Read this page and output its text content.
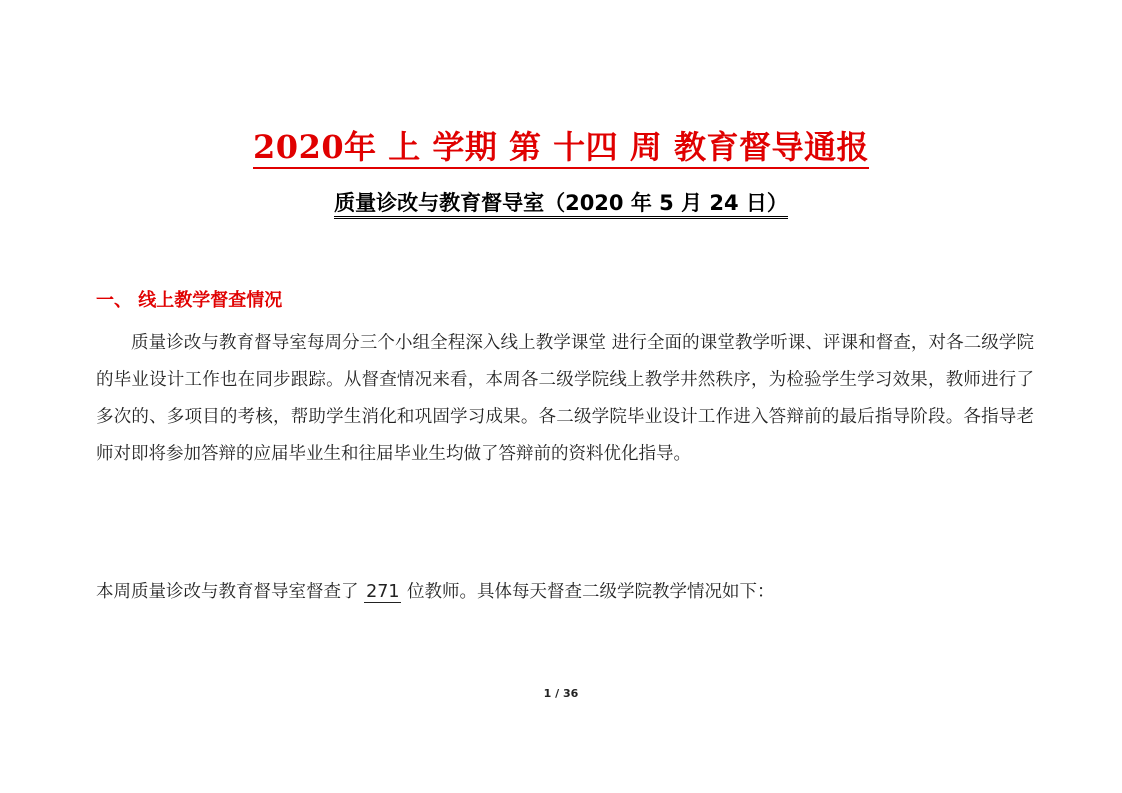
2020年 上 学期 第 十四 周 教育督导通报
质量诊改与教育督导室（2020 年 5 月 24 日）
一、 线上教学督查情况
质量诊改与教育督导室每周分三个小组全程深入线上教学课堂 进行全面的课堂教学听课、评课和督查，对各二级学院的毕业设计工作也在同步跟踪。从督查情况来看，本周各二级学院线上教学井然秩序，为检验学生学习效果，教师进行了多次的、多项目的考核，帮助学生消化和巩固学习成果。各二级学院毕业设计工作进入答辩前的最后指导阶段。各指导老师对即将参加答辩的应届毕业生和往届毕业生均做了答辩前的资料优化指导。
本周质量诊改与教育督导室督查了 271 位教师。具体每天督查二级学院教学情况如下：
1 / 36
